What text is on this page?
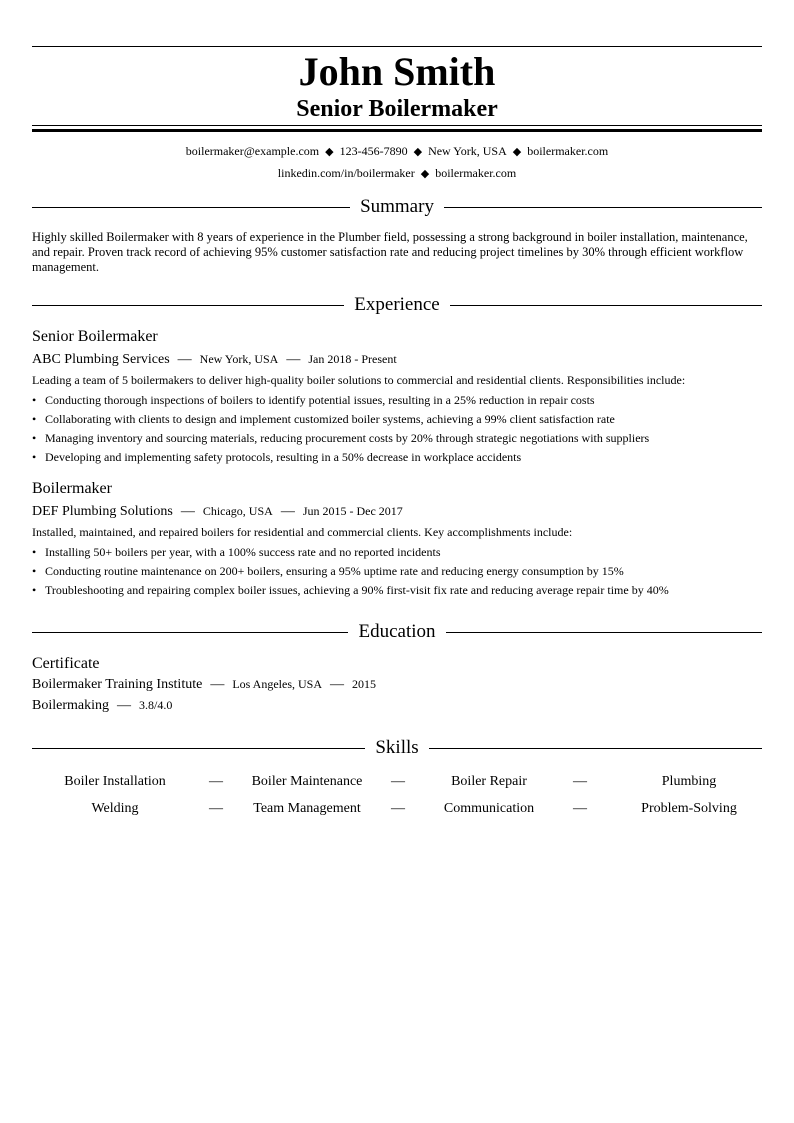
John Smith
Senior Boilermaker
boilermaker@example.com ◆ 123-456-7890 ◆ New York, USA ◆ boilermaker.com
linkedin.com/in/boilermaker ◆ boilermaker.com
Summary
Highly skilled Boilermaker with 8 years of experience in the Plumber field, possessing a strong background in boiler installation, maintenance, and repair. Proven track record of achieving 95% customer satisfaction rate and reducing project timelines by 30% through efficient workflow management.
Experience
Senior Boilermaker
ABC Plumbing Services — New York, USA — Jan 2018 - Present
Leading a team of 5 boilermakers to deliver high-quality boiler solutions to commercial and residential clients. Responsibilities include:
• Conducting thorough inspections of boilers to identify potential issues, resulting in a 25% reduction in repair costs
• Collaborating with clients to design and implement customized boiler systems, achieving a 99% client satisfaction rate
• Managing inventory and sourcing materials, reducing procurement costs by 20% through strategic negotiations with suppliers
• Developing and implementing safety protocols, resulting in a 50% decrease in workplace accidents
Boilermaker
DEF Plumbing Solutions — Chicago, USA — Jun 2015 - Dec 2017
Installed, maintained, and repaired boilers for residential and commercial clients. Key accomplishments include:
• Installing 50+ boilers per year, with a 100% success rate and no reported incidents
• Conducting routine maintenance on 200+ boilers, ensuring a 95% uptime rate and reducing energy consumption by 15%
• Troubleshooting and repairing complex boiler issues, achieving a 90% first-visit fix rate and reducing average repair time by 40%
Education
Certificate
Boilermaker Training Institute — Los Angeles, USA — 2015
Boilermaking — 3.8/4.0
Skills
Boiler Installation	—	Boiler Maintenance	—	Boiler Repair	—	Plumbing
Welding	—	Team Management	—	Communication	—	Problem-Solving
